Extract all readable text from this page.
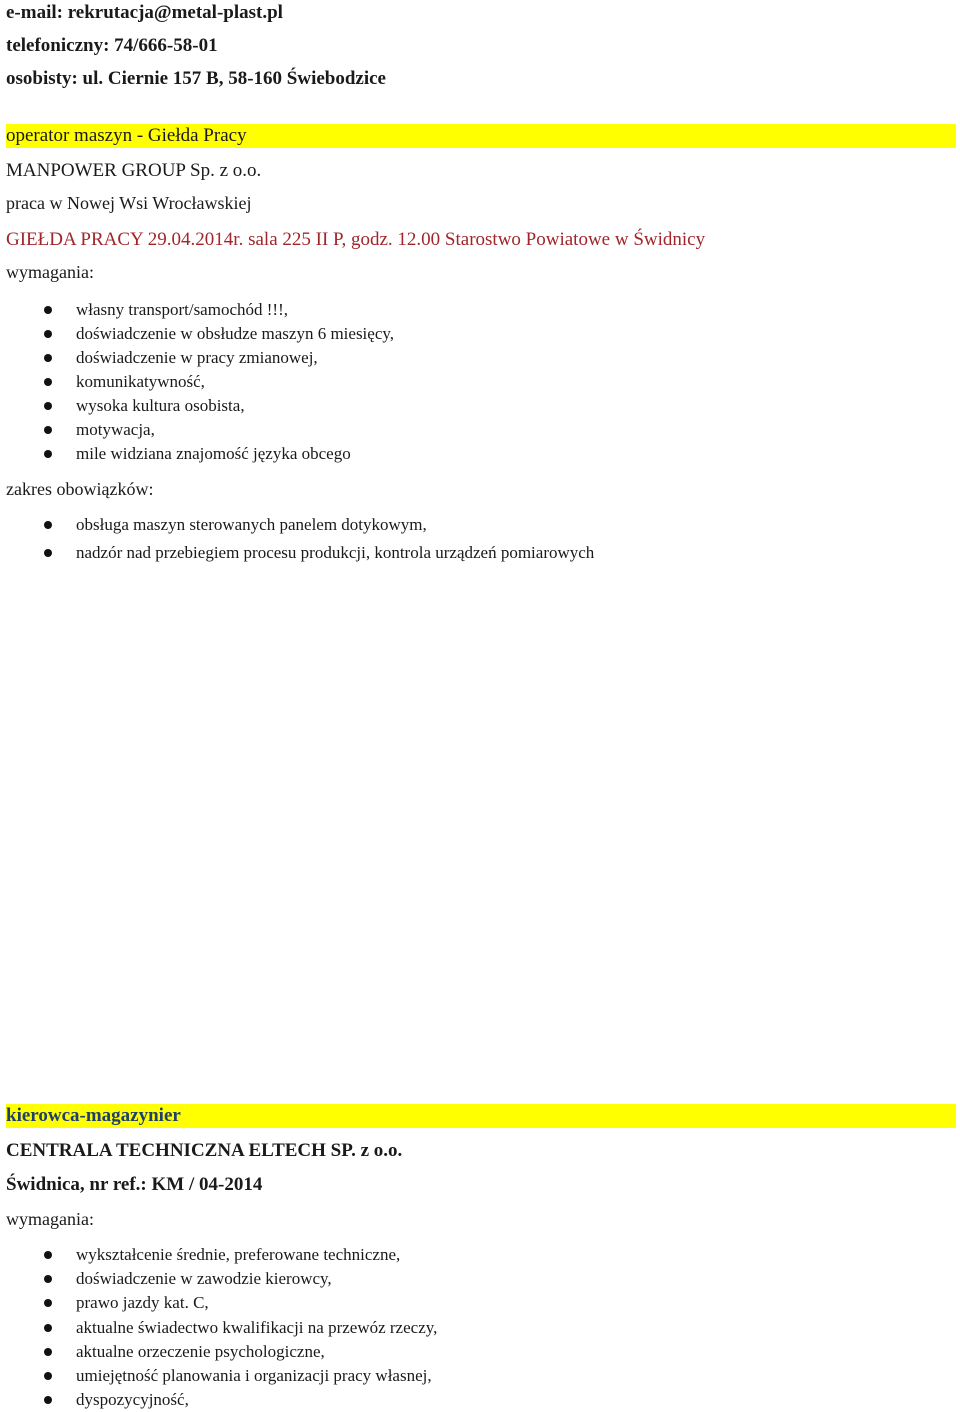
e-mail: rekrutacja@metal-plast.pl
telefoniczny: 74/666-58-01
osobisty: ul. Ciernie 157 B, 58-160 Świebodzice
operator maszyn - Giełda Pracy
MANPOWER GROUP Sp. z o.o.
praca w Nowej Wsi Wrocławskiej
GIEŁDA PRACY 29.04.2014r. sala 225 II P, godz. 12.00 Starostwo Powiatowe w Świdnicy
wymagania:
własny transport/samochód !!!,
doświadczenie w obsłudze maszyn 6 miesięcy,
doświadczenie w pracy zmianowej,
komunikatywność,
wysoka kultura osobista,
motywacja,
mile widziana znajomość języka obcego
zakres obowiązków:
obsługa maszyn sterowanych panelem dotykowym,
nadzór nad przebiegiem procesu produkcji, kontrola urządzeń pomiarowych
kierowca-magazynier
CENTRALA TECHNICZNA ELTECH SP. z o.o.
Świdnica, nr ref.: KM / 04-2014
wymagania:
wykształcenie średnie, preferowane techniczne,
doświadczenie w zawodzie kierowcy,
prawo jazdy kat. C,
aktualne świadectwo kwalifikacji na przewóz rzeczy,
aktualne orzeczenie psychologiczne,
umiejętność planowania i organizacji pracy własnej,
dyspozycyjność,
